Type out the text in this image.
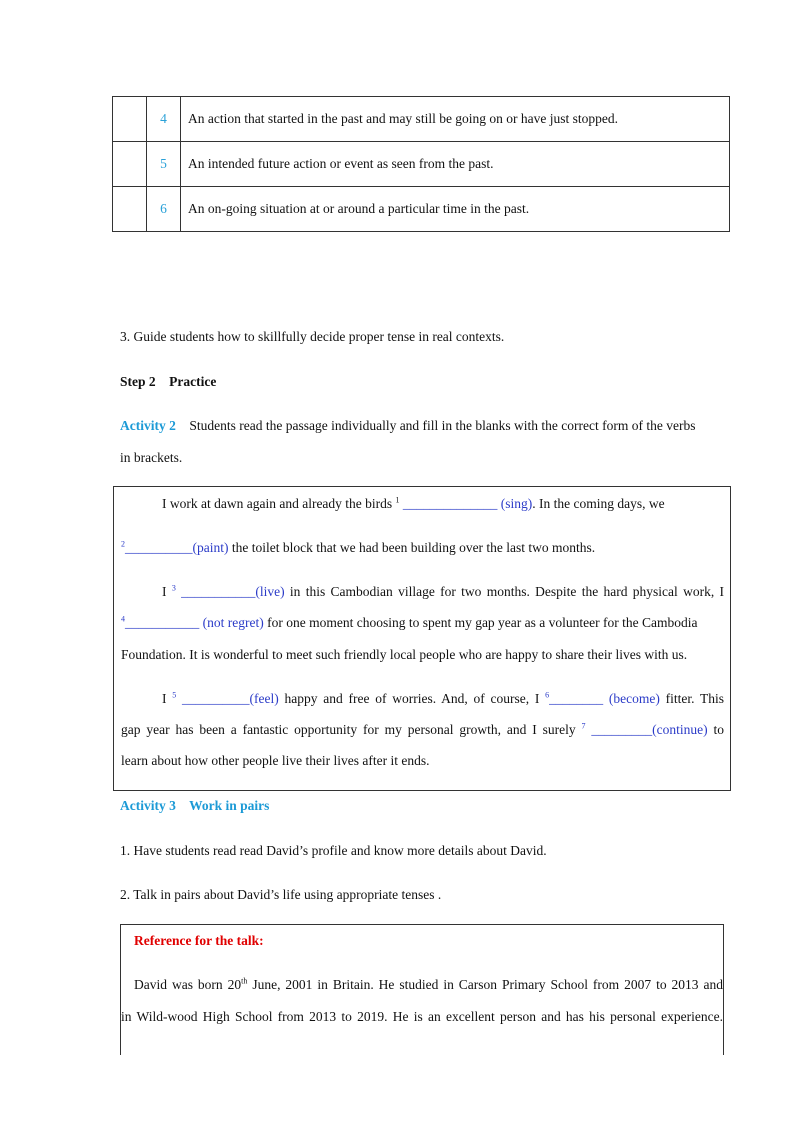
	4	An action that started in the past and may still be going on or have just stopped.
	5	An intended future action or event as seen from the past.
	6	An on-going situation at or around a particular time in the past.
3. Guide students how to skillfully decide proper tense in real contexts.
Step 2    Practice
Activity 2 Students read the passage individually and fill in the blanks with the correct form of the verbs
in brackets.
I work at dawn again and already the birds $^1$ ______________ (sing). In the coming days, we
$^2$__________(paint) the toilet block that we had been building over the last two months.
I $^3$ ___________(live) in this Cambodian village for two months. Despite the hard physical work, I
$^4$___________ (not regret) for one moment choosing to spent my gap year as a volunteer for the Cambodia
Foundation. It is wonderful to meet such friendly local people who are happy to share their lives with us.
I $^5$ __________(feel) happy and free of worries. And, of course, I $^6$________ (become) fitter. This
gap year has been a fantastic opportunity for my personal growth, and I surely $^7$ _________(continue) to
learn about how other people live their lives after it ends.
Activity 3    Work in pairs
1. Have students read read David’s profile and know more details about David.
2. Talk in pairs about David’s life using appropriate tenses .
Reference for the talk:
David was born 20th June, 2001 in Britain. He studied in Carson Primary School from 2007 to 2013 and
in Wild-wood High School from 2013 to 2019. He is an excellent person and has his personal experience.
